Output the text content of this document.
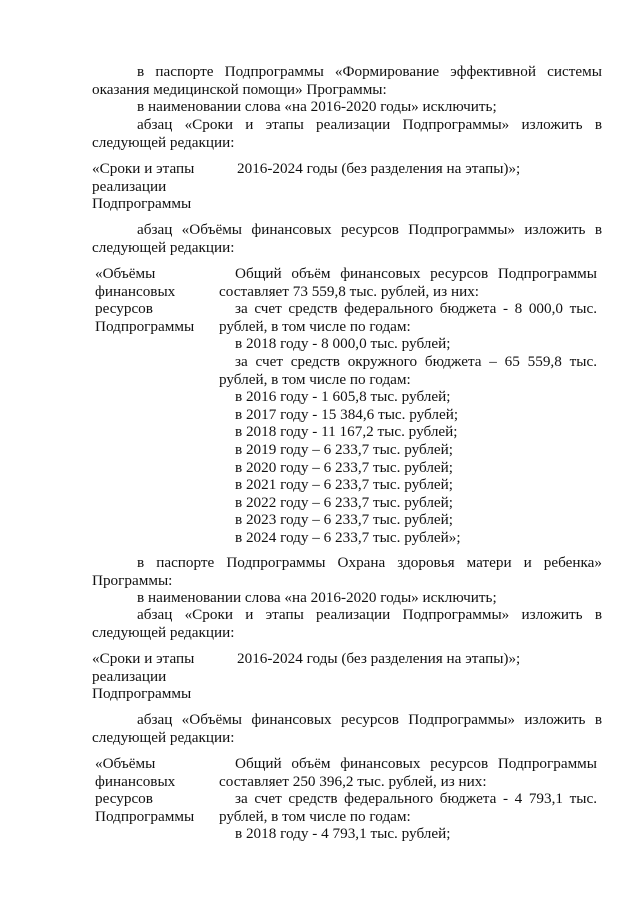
в паспорте Подпрограммы «Формирование эффективной системы оказания медицинской помощи» Программы:
в наименовании слова «на 2016-2020 годы» исключить;
абзац «Сроки и этапы реализации Подпрограммы» изложить в следующей редакции:
«Сроки и этапы реализации Подпрограммы
2016-2024 годы (без разделения на этапы)»;
абзац «Объёмы финансовых ресурсов Подпрограммы» изложить в следующей редакции:
«Объёмы финансовых ресурсов Подпрограммы
Общий объём финансовых ресурсов Подпрограммы составляет 73 559,8 тыс. рублей, из них:
за счет средств федерального бюджета - 8 000,0 тыс. рублей, в том числе по годам:
в 2018 году - 8 000,0 тыс. рублей;
за счет средств окружного бюджета – 65 559,8 тыс. рублей, в том числе по годам:
в 2016 году - 1 605,8 тыс. рублей;
в 2017 году - 15 384,6 тыс. рублей;
в 2018 году - 11 167,2 тыс. рублей;
в 2019 году – 6 233,7 тыс. рублей;
в 2020 году – 6 233,7 тыс. рублей;
в 2021 году – 6 233,7 тыс. рублей;
в 2022 году – 6 233,7 тыс. рублей;
в 2023 году – 6 233,7 тыс. рублей;
в 2024 году – 6 233,7 тыс. рублей»;
в паспорте Подпрограммы Охрана здоровья матери и ребенка» Программы:
в наименовании слова «на 2016-2020 годы» исключить;
абзац «Сроки и этапы реализации Подпрограммы» изложить в следующей редакции:
«Сроки и этапы реализации Подпрограммы
2016-2024 годы (без разделения на этапы)»;
абзац «Объёмы финансовых ресурсов Подпрограммы» изложить в следующей редакции:
«Объёмы финансовых ресурсов Подпрограммы
Общий объём финансовых ресурсов Подпрограммы составляет 250 396,2 тыс. рублей, из них:
за счет средств федерального бюджета - 4 793,1 тыс. рублей, в том числе по годам:
в 2018 году - 4 793,1 тыс. рублей;
